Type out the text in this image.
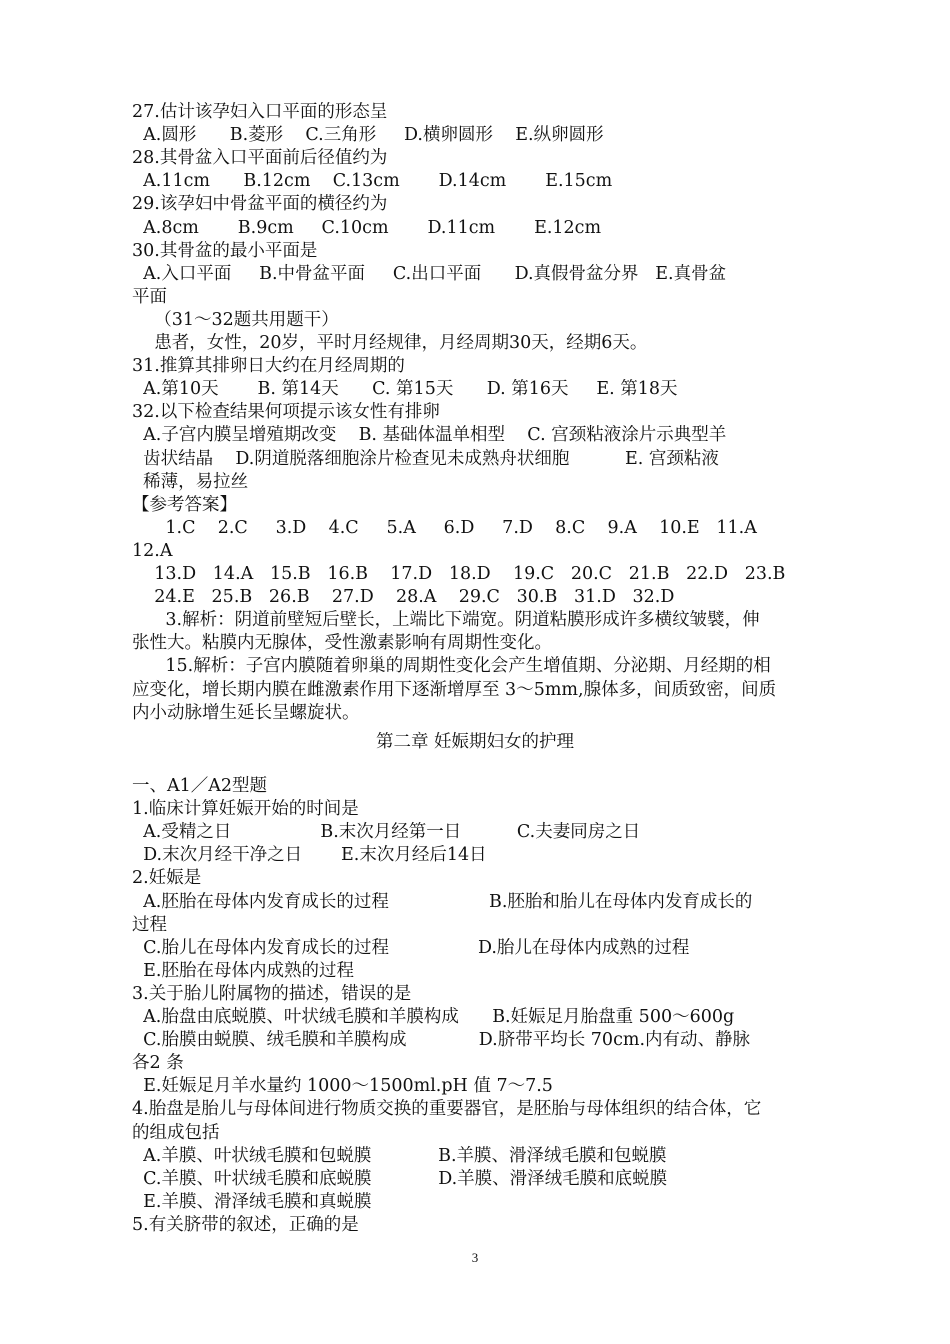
27.估计该孕妇入口平面的形态呈
A.圆形      B.菱形    C.三角形     D.横卵圆形    E.纵卵圆形
28.其骨盆入口平面前后径值约为
A.11cm      B.12cm    C.13cm       D.14cm       E.15cm
29.该孕妇中骨盆平面的横径约为
A.8cm       B.9cm     C.10cm       D.11cm       E.12cm
30.其骨盆的最小平面是
A.入口平面     B.中骨盆平面     C.出口平面      D.真假骨盆分界   E.真骨盆
平面
（31～32题共用题干）
患者，女性，20岁，平时月经规律，月经周期30天，经期6天。
31.推算其排卵日大约在月经周期的
A.第10天       B. 第14天      C. 第15天      D. 第16天     E. 第18天
32.以下检查结果何项提示该女性有排卵
A.子宫内膜呈增殖期改变    B. 基础体温单相型    C. 宫颈粘液涂片示典型羊
齿状结晶    D.阴道脱落细胞涂片检查见未成熟舟状细胞          E. 宫颈粘液
稀薄，易拉丝
【参考答案】
1.C    2.C     3.D    4.C     5.A     6.D     7.D    8.C    9.A    10.E   11.A
12.A
13.D   14.A   15.B   16.B    17.D   18.D    19.C   20.C   21.B   22.D   23.B
24.E   25.B   26.B    27.D    28.A    29.C   30.B   31.D   32.D
3.解析：阴道前壁短后壁长，上端比下端宽。阴道粘膜形成许多横纹皱襞，伸
张性大。粘膜内无腺体，受性激素影响有周期性变化。
15.解析：子宫内膜随着卵巢的周期性变化会产生增值期、分泌期、月经期的相
应变化，增长期内膜在雌激素作用下逐渐增厚至 3～5mm,腺体多，间质致密，间质
内小动脉增生延长呈螺旋状。
第二章 妊娠期妇女的护理
一、A1／A2型题
1.临床计算妊娠开始的时间是
A.受精之日                B.末次月经第一日          C.夫妻同房之日
D.末次月经干净之日       E.末次月经后14日
2.妊娠是
A.胚胎在母体内发育成长的过程                  B.胚胎和胎儿在母体内发育成长的
过程
C.胎儿在母体内发育成长的过程                D.胎儿在母体内成熟的过程
E.胚胎在母体内成熟的过程
3.关于胎儿附属物的描述，错误的是
A.胎盘由底蜕膜、叶状绒毛膜和羊膜构成      B.妊娠足月胎盘重 500～600g
C.胎膜由蜕膜、绒毛膜和羊膜构成             D.脐带平均长 70cm.内有动、静脉
各2 条
E.妊娠足月羊水量约 1000～1500ml.pH 值 7～7.5
4.胎盘是胎儿与母体间进行物质交换的重要器官，是胚胎与母体组织的结合体，它
的组成包括
A.羊膜、叶状绒毛膜和包蜕膜            B.羊膜、滑泽绒毛膜和包蜕膜
C.羊膜、叶状绒毛膜和底蜕膜            D.羊膜、滑泽绒毛膜和底蜕膜
E.羊膜、滑泽绒毛膜和真蜕膜
5.有关脐带的叙述，正确的是
3
